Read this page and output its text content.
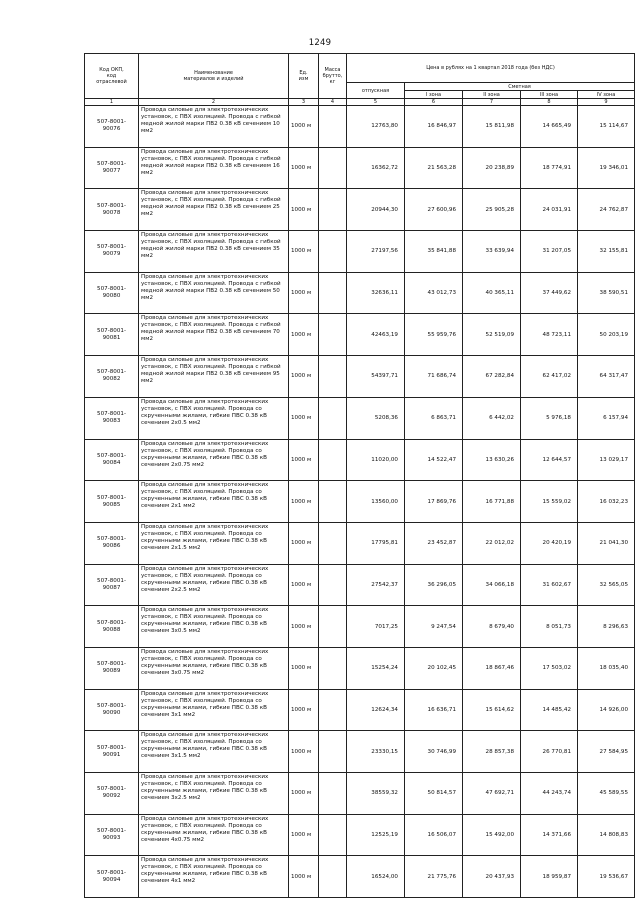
1249
Код ОКП,
код
отраслевой	Наименование
материалов и изделий	Ед.
изм	Масса
брутто,
кг	Цена в рублях на 1 квартал 2018 года (без НДС)				
				отпускная	Сметная			
					I зона	II зона	III зона	IV зона
1	2	3	4	5	6	7	8	9
507-8001-
90076	Провода силовые для электротехнических установок, с ПВХ изоляцией. Провода с гибкой медной жилой марки ПВ2 0.38 кВ сечением 10 мм2	1000 м		12763,80	16 846,97	15 811,98	14 665,49	15 114,67
507-8001-
90077	Провода силовые для электротехнических установок, с ПВХ изоляцией. Провода с гибкой медной жилой марки ПВ2 0.38 кВ сечением 16 мм2	1000 м		16362,72	21 563,28	20 238,89	18 774,91	19 346,01
507-8001-
90078	Провода силовые для электротехнических установок, с ПВХ изоляцией. Провода с гибкой медной жилой марки ПВ2 0.38 кВ сечением 25 мм2	1000 м		20944,30	27 600,96	25 905,28	24 031,91	24 762,87
507-8001-
90079	Провода силовые для электротехнических установок, с ПВХ изоляцией. Провода с гибкой медной жилой марки ПВ2 0.38 кВ сечением 35 мм2	1000 м		27197,56	35 841,88	33 639,94	31 207,05	32 155,81
507-8001-
90080	Провода силовые для электротехнических установок, с ПВХ изоляцией. Провода с гибкой медной жилой марки ПВ2 0.38 кВ сечением 50 мм2	1000 м		32636,11	43 012,73	40 365,11	37 449,62	38 590,51
507-8001-
90081	Провода силовые для электротехнических установок, с ПВХ изоляцией. Провода с гибкой медной жилой марки ПВ2 0.38 кВ сечением 70 мм2	1000 м		42463,19	55 959,76	52 519,09	48 723,11	50 203,19
507-8001-
90082	Провода силовые для электротехнических установок, с ПВХ изоляцией. Провода с гибкой медной жилой марки ПВ2 0.38 кВ сечением 95 мм2	1000 м		54397,71	71 686,74	67 282,84	62 417,02	64 317,47
507-8001-
90083	Провода силовые для электротехнических установок, с ПВХ изоляцией. Провода со скрученными жилами, гибкие ПВС 0.38 кВ сечением 2х0.5 мм2	1000 м		5208,36	6 863,71	6 442,02	5 976,18	6 157,94
507-8001-
90084	Провода силовые для электротехнических установок, с ПВХ изоляцией. Провода со скрученными жилами, гибкие ПВС 0.38 кВ сечением 2х0.75 мм2	1000 м		11020,00	14 522,47	13 630,26	12 644,57	13 029,17
507-8001-
90085	Провода силовые для электротехнических установок, с ПВХ изоляцией. Провода со скрученными жилами, гибкие ПВС 0.38 кВ сечением 2х1 мм2	1000 м		13560,00	17 869,76	16 771,88	15 559,02	16 032,23
507-8001-
90086	Провода силовые для электротехнических установок, с ПВХ изоляцией. Провода со скрученными жилами, гибкие ПВС 0.38 кВ сечением 2х1.5 мм2	1000 м		17795,81	23 452,87	22 012,02	20 420,19	21 041,30
507-8001-
90087	Провода силовые для электротехнических установок, с ПВХ изоляцией. Провода со скрученными жилами, гибкие ПВС 0.38 кВ сечением 2х2.5 мм2	1000 м		27542,37	36 296,05	34 066,18	31 602,67	32 565,05
507-8001-
90088	Провода силовые для электротехнических установок, с ПВХ изоляцией. Провода со скрученными жилами, гибкие ПВС 0.38 кВ сечением 3х0.5 мм2	1000 м		7017,25	9 247,54	8 679,40	8 051,73	8 296,63
507-8001-
90089	Провода силовые для электротехнических установок, с ПВХ изоляцией. Провода со скрученными жилами, гибкие ПВС 0.38 кВ сечением 3х0.75 мм2	1000 м		15254,24	20 102,45	18 867,46	17 503,02	18 035,40
507-8001-
90090	Провода силовые для электротехнических установок, с ПВХ изоляцией. Провода со скрученными жилами, гибкие ПВС 0.38 кВ сечением 3х1 мм2	1000 м		12624,34	16 636,71	15 614,62	14 485,42	14 926,00
507-8001-
90091	Провода силовые для электротехнических установок, с ПВХ изоляцией. Провода со скрученными жилами, гибкие ПВС 0.38 кВ сечением 3х1.5 мм2	1000 м		23330,15	30 746,99	28 857,38	26 770,81	27 584,95
507-8001-
90092	Провода силовые для электротехнических установок, с ПВХ изоляцией. Провода со скрученными жилами, гибкие ПВС 0.38 кВ сечением 3х2.5 мм2	1000 м		38559,32	50 814,57	47 692,71	44 243,74	45 589,55
507-8001-
90093	Провода силовые для электротехнических установок, с ПВХ изоляцией. Провода со скрученными жилами, гибкие ПВС 0.38 кВ сечением 4х0.75 мм2	1000 м		12525,19	16 506,07	15 492,00	14 371,66	14 808,83
507-8001-
90094	Провода силовые для электротехнических установок, с ПВХ изоляцией. Провода со скрученными жилами, гибкие ПВС 0.38 кВ сечением 4х1 мм2	1000 м		16524,00	21 775,76	20 437,93	18 959,87	19 536,67
